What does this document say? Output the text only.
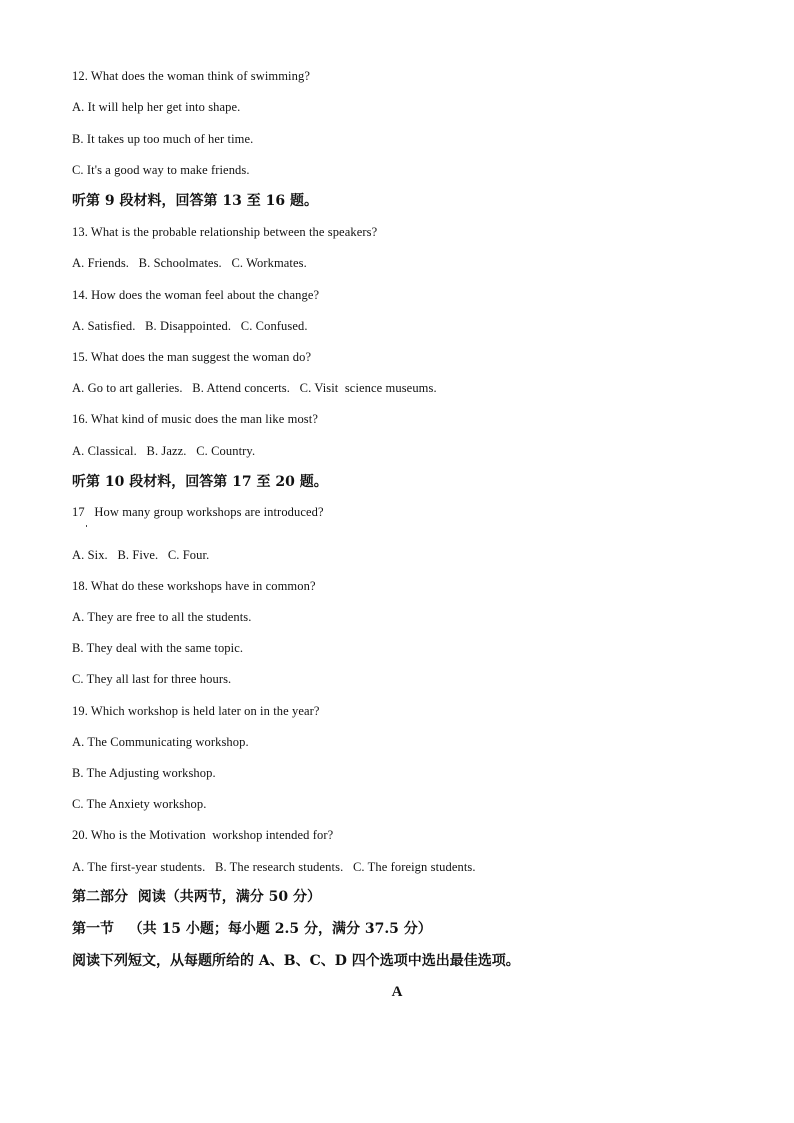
12. What does the woman think of swimming?
A. It will help her get into shape.
B. It takes up too much of her time.
C. It's a good way to make friends.
听第 9 段材料，回答第 13 至 16 题。
13. What is the probable relationship between the speakers?
A. Friends.   B. Schoolmates.   C. Workmates.
14. How does the woman feel about the change?
A. Satisfied.   B. Disappointed.   C. Confused.
15. What does the man suggest the woman do?
A. Go to art galleries.   B. Attend concerts.   C. Visit  science museums.
16. What kind of music does the man like most?
A. Classical.   B. Jazz.   C. Country.
听第 10 段材料，回答第 17 至 20 题。
17   How many group workshops are introduced?
A. Six.   B. Five.   C. Four.
18. What do these workshops have in common?
A. They are free to all the students.
B. They deal with the same topic.
C. They all last for three hours.
19. Which workshop is held later on in the year?
A. The Communicating workshop.
B. The Adjusting workshop.
C. The Anxiety workshop.
20. Who is the Motivation  workshop intended for?
A. The first-year students.   B. The research students.   C. The foreign students.
第二部分  阅读（共两节，满分 50 分）
第一节   （共 15 小题；每小题 2.5 分，满分 37.5 分）
阅读下列短文，从每题所给的 A、B、C、D 四个选项中选出最佳选项。
A
